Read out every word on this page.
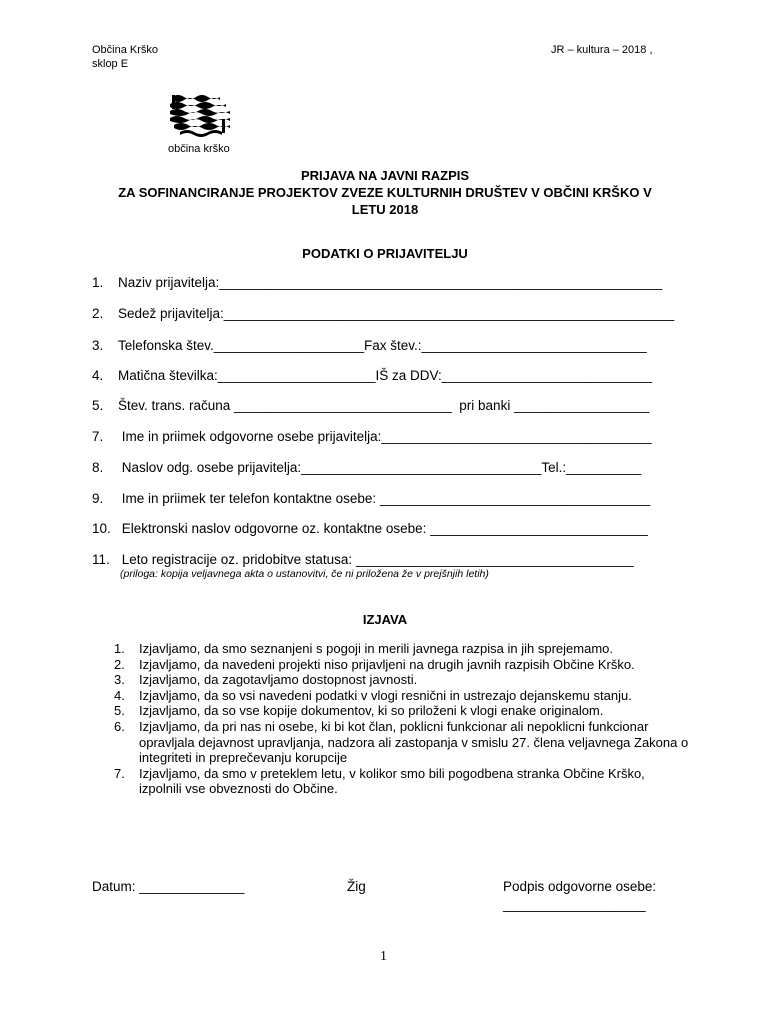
Občina Krško
sklop E
JR – kultura – 2018 ,
občina krško
PRIJAVA NA JAVNI RAZPIS
ZA SOFINANCIRANJE PROJEKTOV ZVEZE KULTURNIH DRUŠTEV V OBČINI KRŠKO V
LETU 2018
PODATKI O PRIJAVITELJU
1. Naziv prijavitelja:___________________________________________________________
2. Sedež prijavitelja:____________________________________________________________
3. Telefonska štev.____________________Fax štev.:______________________________
4. Matična številka:_____________________IŠ za DDV:____________________________
5. Štev. trans. računa _____________________________  pri banki __________________
7. Ime in priimek odgovorne osebe prijavitelja:____________________________________
8. Naslov odg. osebe prijavitelja:________________________________Tel.:__________
9. Ime in priimek ter telefon kontaktne osebe: ____________________________________
10. Elektronski naslov odgovorne oz. kontaktne osebe: _____________________________
11. Leto registracije oz. pridobitve statusa: _____________________________________
(priloga: kopija veljavnega akta o ustanovitvi, če ni priložena že v prejšnjih letih)
IZJAVA
1.	Izjavljamo, da smo seznanjeni s pogoji in merili javnega razpisa in jih sprejemamo.
2.	Izjavljamo, da navedeni projekti niso prijavljeni na drugih javnih razpisih Občine Krško.
3.	Izjavljamo, da zagotavljamo dostopnost javnosti.
4.	Izjavljamo, da so vsi navedeni podatki v vlogi resnični in ustrezajo dejanskemu stanju.
5.	Izjavljamo, da so vse kopije dokumentov, ki so priloženi k vlogi enake originalom.
6.	Izjavljamo, da pri nas ni osebe, ki bi kot član, poklicni funkcionar ali nepoklicni funkcionar opravljala dejavnost upravljanja, nadzora ali zastopanja v smislu 27. člena veljavnega Zakona o integriteti in preprečevanju korupcije
7.	Izjavljamo, da smo v preteklem letu, v kolikor smo bili pogodbena stranka Občine Krško, izpolnili vse obveznosti do Občine.
Datum: ______________	Žig	Podpis odgovorne osebe:
___________________
1
